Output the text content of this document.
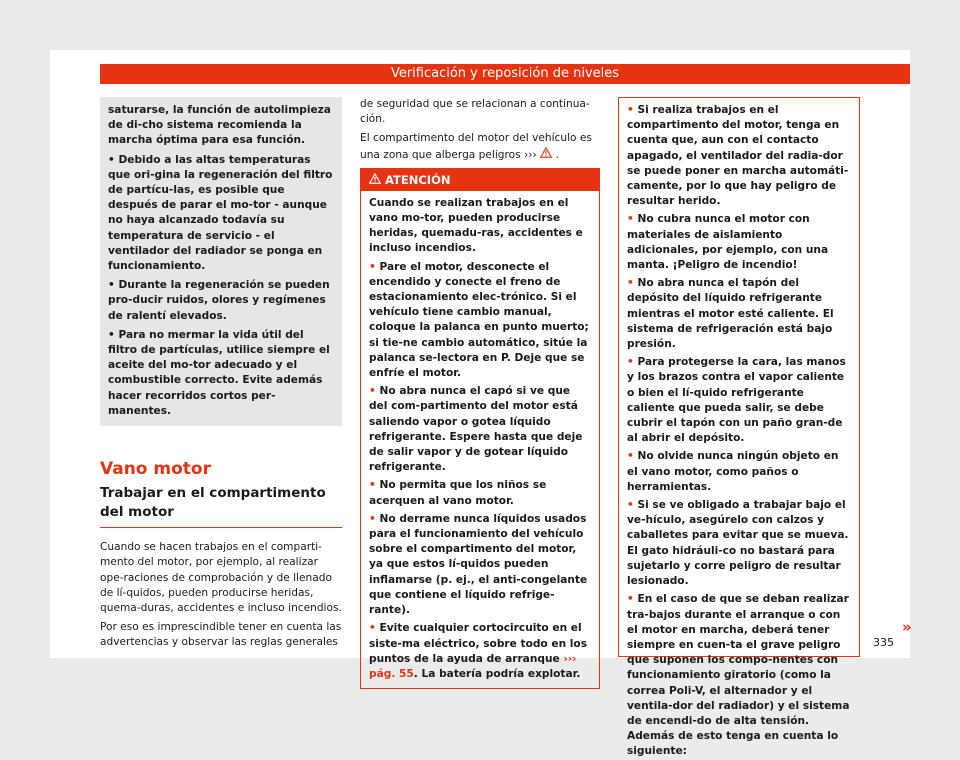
Verificación y reposición de niveles
saturarse, la función de autolimpieza de di-cho sistema recomienda la marcha óptima para esa función.
• Debido a las altas temperaturas que ori-gina la regeneración del filtro de partícu-las, es posible que después de parar el mo-tor - aunque no haya alcanzado todavía su temperatura de servicio - el ventilador del radiador se ponga en funcionamiento.
• Durante la regeneración se pueden pro-ducir ruidos, olores y regímenes de ralentí elevados.
• Para no mermar la vida útil del filtro de partículas, utilice siempre el aceite del mo-tor adecuado y el combustible correcto. Evite además hacer recorridos cortos per-manentes.
Vano motor
Trabajar en el compartimento del motor
Cuando se hacen trabajos en el comparti-mento del motor, por ejemplo, al realizar ope-raciones de comprobación y de llenado de lí-quidos, pueden producirse heridas, quema-duras, accidentes e incluso incendios.
Por eso es imprescindible tener en cuenta las advertencias y observar las reglas generales
de seguridad que se relacionan a continua-ción.
El compartimento del motor del vehículo es una zona que alberga peligros ››› .
ATENCIÓN
Cuando se realizan trabajos en el vano mo-tor, pueden producirse heridas, quemadu-ras, accidentes e incluso incendios.
• Pare el motor, desconecte el encendido y conecte el freno de estacionamiento elec-trónico. Si el vehículo tiene cambio manual, coloque la palanca en punto muerto; si tie-ne cambio automático, sitúe la palanca se-lectora en P. Deje que se enfríe el motor.
• No abra nunca el capó si ve que del com-partimento del motor está saliendo vapor o gotea líquido refrigerante. Espere hasta que deje de salir vapor y de gotear líquido refrigerante.
• No permita que los niños se acerquen al vano motor.
• No derrame nunca líquidos usados para el funcionamiento del vehículo sobre el compartimento del motor, ya que estos lí-quidos pueden inflamarse (p. ej., el anti-congelante que contiene el líquido refrige-rante).
• Evite cualquier cortocircuito en el siste-ma eléctrico, sobre todo en los puntos de la ayuda de arranque ››› pág. 55. La batería podría explotar.
• Si realiza trabajos en el compartimento del motor, tenga en cuenta que, aun con el contacto apagado, el ventilador del radia-dor se puede poner en marcha automáti-camente, por lo que hay peligro de resultar herido.
• No cubra nunca el motor con materiales de aislamiento adicionales, por ejemplo, con una manta. ¡Peligro de incendio!
• No abra nunca el tapón del depósito del líquido refrigerante mientras el motor esté caliente. El sistema de refrigeración está bajo presión.
• Para protegerse la cara, las manos y los brazos contra el vapor caliente o bien el lí-quido refrigerante caliente que pueda salir, se debe cubrir el tapón con un paño gran-de al abrir el depósito.
• No olvide nunca ningún objeto en el vano motor, como paños o herramientas.
• Si se ve obligado a trabajar bajo el ve-hículo, asegúrelo con calzos y caballetes para evitar que se mueva. El gato hidráuli-co no bastará para sujetarlo y corre peligro de resultar lesionado.
• En el caso de que se deban realizar tra-bajos durante el arranque o con el motor en marcha, deberá tener siempre en cuen-ta el grave peligro que suponen los compo-nentes con funcionamiento giratorio (como la correa Poli-V, el alternador y el ventila-dor del radiador) y el sistema de encendi-do de alta tensión. Además de esto tenga en cuenta lo siguiente:
»
335
